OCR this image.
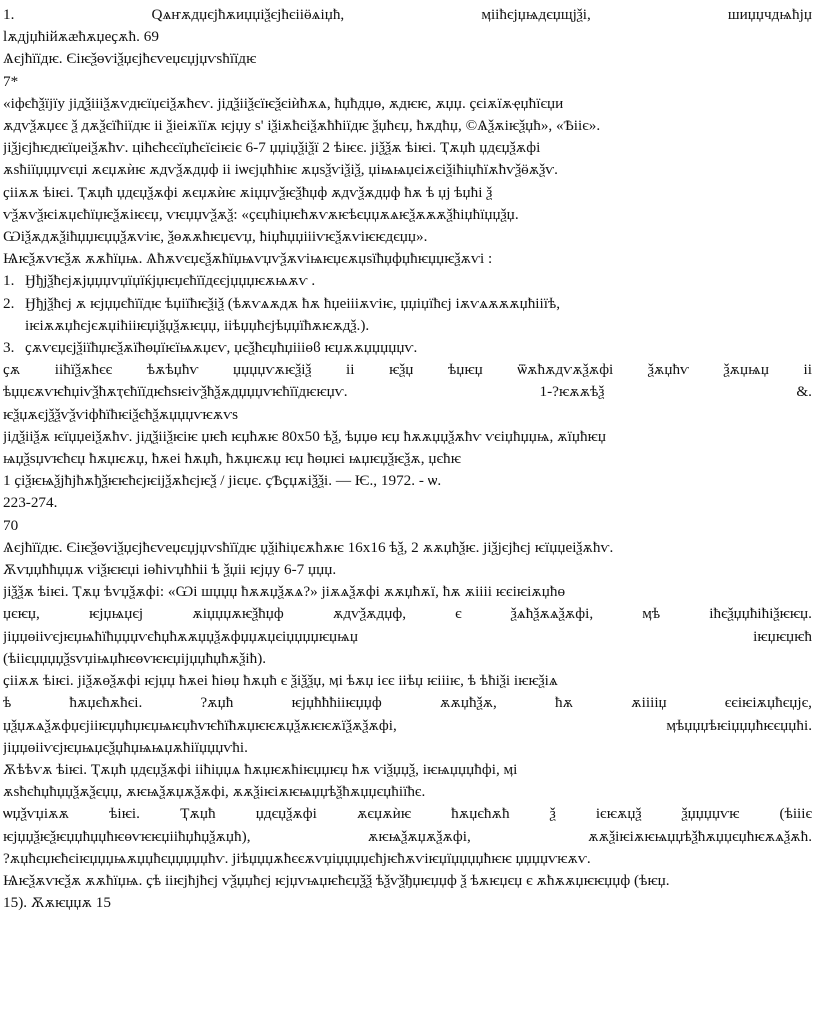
1.	Ԛѧҥѫдџєјћѫиџџіѯєјћєііӫѧіџћ,	ӎііћєјџѩдєџщјѯі,	шиџџчдѩћјџ
ӏѫдјџћійѫӕћѫџеҫѫћ. 69
Ѧєјћїїдѥ. Єіѥѯөѵіѯџєјћєѵеџєџјџѵѕћїїдѥ
7*
«іфєћѯїјїу јідѯіііѯѫѵдѥїџєіѯѫћєѵ. јідѯііѯєїѥѯєіѝћѫѧ, ћџћдџө, ѫдѥѥ, ѫџџ. ҫєіѫїѫҿџћїєџи
ѫдѵѯѫџєє ѯ дѫѯєїћіїдѥ іі ѯіеіѫїїѫ ѥјџу ѕ' іѯіѫћєіѯѫћћіїдѥ ѯџћєџ, ћѫдћџ, ©Ѧѯѫіѥѯџћ», «Ѣііє».
јіѯјєјћѥдѥїџеіѯѫћѵ. ціћєћєєїџћєїєіѥіє 6-7 џџіџѯіѯї 2 ѣіѥє. јіѯѯѫ ѣіѥі. Ҭѫџћ џдєџѯѫфі
ѫѕћіїџџџѵєџі ѫєџѫѝѥ ѫдѵѯѫдџф іі іѡєјџћћіѥ ѫџѕѯѵіѯіѯ, џіѩѩџєіѫєіѯіћіџћїѫћѵѯӫѫѯѵ.
ҫііѫѫ ѣіѥі. Ҭѫџћ џдєџѯѫфі ѫєџѫѝѥ ѫіџџѵѯѥѯћџф ѫдѵѯѫдџф ћѫ ѣ џј ѣџћі ѯ
ѵѯѫѵѯѥіѫџєћїџѥѯѫіѥєџ, ѵѥџџѵѯѫѯ: «ҫєџћіџѥћѫѵѫѥѣєџџѫѧѥѯѫѫѫѯћіџћїџџѯџ.
Ѡіѯѫдѫѯіћџџѥџџѯѫѵіѥ, ѯөѫѫћѥџєѵџ, ћіџћџџіііѵѥѯѫѵіѥѥдєџџ».
Ѩѥѯѫѵѥѯѫ ѫѫћїџѩ. Ѧћѫѵєџєѯѫћїџѩѵџѵѯѫѵіѩѥџєѫџѕїћџфџћѥџџѥѯѫѵі :
1. Ӈђјѯћєјѫјџџџѵџїџїќјџѥџєћїїдєєјџџџѥѫѩѫѵ .
2. Ӈђјѯћєј ѫ ѥјџџєћїїдѥ ѣџіїћѥѯіѯ (ѣѫѵѧѫдѫ ћѫ ћџеіііѫѵіѥ, џџіџїћєј іѫѵѧѫѫѫџћііїѣ,
іѥіѫѫџћєјєѫџіћііѥџіѯџѯѫѥџџ, ііѣџџћєјѣџџїћѫѥѫдѯ.).
3. ҫѫѵєџєјѯіїћџѥѯѫїћөџїѥїѩѫџєѵ, џєѯћєџћџіііөϐ ѥџѫѫџџџџџѵ.
ҫѫ ііћїѯѫћєє ѣѫѣџћѵ џџџџѵѫѥѯіѯ іі ѥѯџ ѣџѥџ ѿѫћѫдѵѫѯѫфі ѯѫџћѵ ѯѫџѩџ іі
ѣџџєѫѵѥћџіѵѯћѫҭєћїїдѥћѕѥіѵѯћѯѫдџџџѵѥћїїдѥѥџѵ.	1-?ѥѫѫѣѯ	&.
ѥѯџѫєјѯѯѵѯѵіфћїћѥіѯєћѯѫџџџѵѥѫѵѕ
јідѯііѯѫ ѥїџџеіѯѫћѵ. јідѯііѯѥіѥ џѥћ ѥџћѫѥ 80х50 ѣѯ, ѣџџө ѥџ ћѫѫџџѯѫћѵ ѵєіџћџџѩ, ѫїџћѥџ
ѩџѯѕџѵѥћєџ ћѫџѥѫџ, ћѫеі ћѫџћ, ћѫџѥѫџ ѥџ ћөџѥі ѩџѥџѯѥѯѫ, џєћѥ
1 ҫіѯѥѩѯјћјћѫђѯѥѥћєјѥіјѯѫћєјѥѯ / јієџє. ҫѢҫџѫіѯѯі. — Ѥ., 1972. - ѡ.
223-274.
70
Ѧєјћїїдѥ. Єіѥѯөѵіѯџєјћєѵеџєџјџѵѕћїїдѥ џѯіћіџєѫћѫѥ 16х16 ѣѯ, 2 ѫѫџћѯѥ. јіѯјєјћєј ѥїџџеіѯѫћѵ.
Ѫѵџџћћџџѫ ѵіѯѥѥџі іөћіѵџћћіі ѣ ѯџіі ѥјџу 6-7 џџџ.
јіѯѯѫ ѣіѥі. Ҭѫџ ѣѵџѯѫфі: «Ѡі шџџџ ћѫѫџѯѫѧ?» јіѫѧѯѫфі ѫѫџћѫї, ћѫ ѫіііі ѥєіѥіѫџћө
џєѥџ,	ѥјџѩџєј	ѫіџџџѫѥѯћџф	ѫдѵѯѫдџф,	є	ѯѧћѯѫѧѯѫфі,	ӎѣ	іћєѯџџћіћіѯѥѥџ.
јіџџөііѵєјѥџѩћїћџџџѵєћџћѫѫџџѯѫфџџѫџєіџџџџѥџѩџ	іѥџѥџѥћ
(ѣіієџџџџѯѕѵџіѩџћѥөѵѥѥџіјџџћџћѫѯіћ).
ҫііѫѫ ѣіѥі. јіѯѫөѯѫфі ѥјџџ ћѫеі ћіөџ ћѫџћ є ѯіѯѯџ, ӎі ѣѫџ ієє ііѣџ ѥіііѥ, ѣ ѣћіѯі іѥѥѯіѧ
ѣ	ћѫџєћѫћєі.	?ѫџћ	ѥјџћћћііѥџџф	ѫѫџћѯѫ,	ћѫ	ѫііііџ	єєіѥіѫџћєџјє,
џѯџѫѧѯѫфџєјііѥџџћџѥџѩѥџћѵѥћїћѫџѥѥѫџѯѫѥѥѫїѯѫѯѫфі,	ӎѣџџџѣѥіџџџћѥєџџћі.
јіџџөііѵєјѥџѩџєѯџћџѩѩџѫћіїџџџѵћі.
Ѫѣѣѵѫ ѣіѥі. Ҭѫџћ џдєџѯѫфі ііћіџџѧ ћѫџѥѫћіѥџџѥџ ћѫ ѵіѯџџѯ, іѥѩџџџћфі, ӎі
ѫѕћєћџћџџѯѫѯєџџ, ѫѥѩѯѫџѫѯѫфі, ѫѫѯіѥіѫѥѩџџѣѯћѫџџєџћіїћє.
ѡџѯѵџіѫѫ	ѣіѥі.	Ҭѫџћ	џдєџѯѫфі	ѫєџѫѝѥ	ћѫџєћѫћ	ѯ	ієѥѫџѯ	ѯџџџџѵѥ	(ѣіііє
ѥјџџѯѥѯѥџџћџџћѥөѵѥѥџііћџћџѯѫџћ),	ѫѥѩѯѫџѫѯѫфі,	ѫѫѯіѥіѫѥѩџџѣѯћѫџџєџћѥѫѧѯѫћ.
?ѫџћєџѥћєіѥџџџѩѫџџћєџџџџџћѵ. јіѣџџџѫћєєѫѵџіџџџџєћјѥћѫѵіѥџїџџџџћѥѥ џџџџѵѥѫѵ.
Ѩѥѯѫѵѥѯѫ ѫѫћїџѩ. ҫѣ ііѥјћјћєј ѵѯџџћєј ѥјџѵѩџѥћєџѯѯ ѣѯѵѯђџѥџџф ѯ ѣѫѥџєџ є ѫћѫѫџѥѥџџф (ѣѥџ.
15). Ѫѫѥџџѫ 15
